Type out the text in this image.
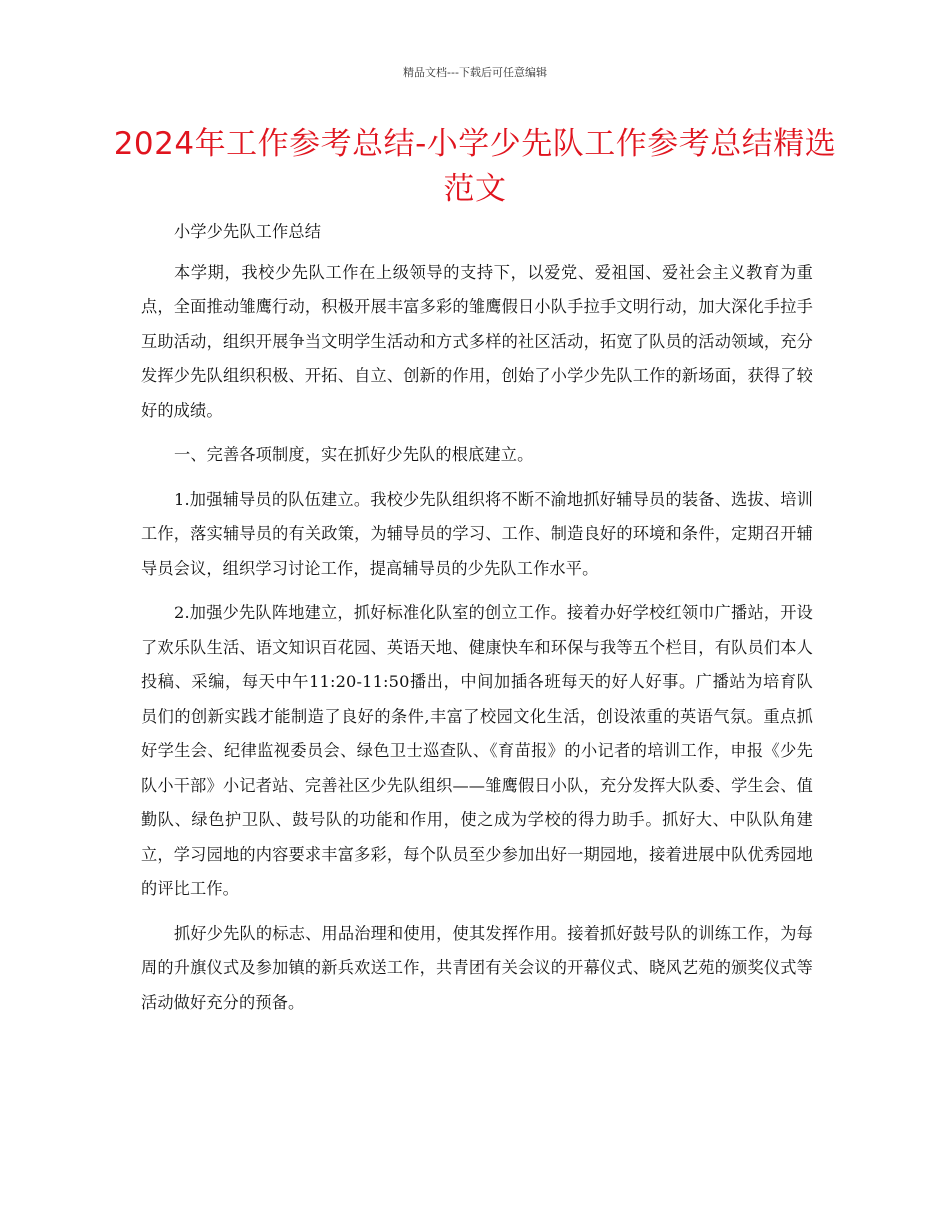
精品文档---下载后可任意编辑
2024年工作参考总结-小学少先队工作参考总结精选范文

小学少先队工作总结

本学期，我校少先队工作在上级领导的支持下，以爱党、爱祖国、爱社会主义教育为重点，全面推动雏鹰行动，积极开展丰富多彩的雏鹰假日小队手拉手文明行动，加大深化手拉手互助活动，组织开展争当文明学生活动和方式多样的社区活动，拓宽了队员的活动领域，充分发挥少先队组织积极、开拓、自立、创新的作用，创始了小学少先队工作的新场面，获得了较好的成绩。

一、完善各项制度，实在抓好少先队的根底建立。

1.加强辅导员的队伍建立。我校少先队组织将不断不渝地抓好辅导员的装备、选拔、培训工作，落实辅导员的有关政策，为辅导员的学习、工作、制造良好的环境和条件，定期召开辅导员会议，组织学习讨论工作，提高辅导员的少先队工作水平。

2.加强少先队阵地建立，抓好标准化队室的创立工作。接着办好学校红领巾广播站，开设了欢乐队生活、语文知识百花园、英语天地、健康快车和环保与我等五个栏目，有队员们本人投稿、采编，每天中午11:20-11:50播出，中间加插各班每天的好人好事。广播站为培育队员们的创新实践才能制造了良好的条件,丰富了校园文化生活，创设浓重的英语气氛。重点抓好学生会、纪律监视委员会、绿色卫士巡查队、《育苗报》的小记者的培训工作，申报《少先队小干部》小记者站、完善社区少先队组织——雏鹰假日小队，充分发挥大队委、学生会、值勤队、绿色护卫队、鼓号队的功能和作用，使之成为学校的得力助手。抓好大、中队队角建立，学习园地的内容要求丰富多彩，每个队员至少参加出好一期园地，接着进展中队优秀园地的评比工作。

抓好少先队的标志、用品治理和使用，使其发挥作用。接着抓好鼓号队的训练工作，为每周的升旗仪式及参加镇的新兵欢送工作，共青团有关会议的开幕仪式、晓风艺苑的颁奖仪式等活动做好充分的预备。
